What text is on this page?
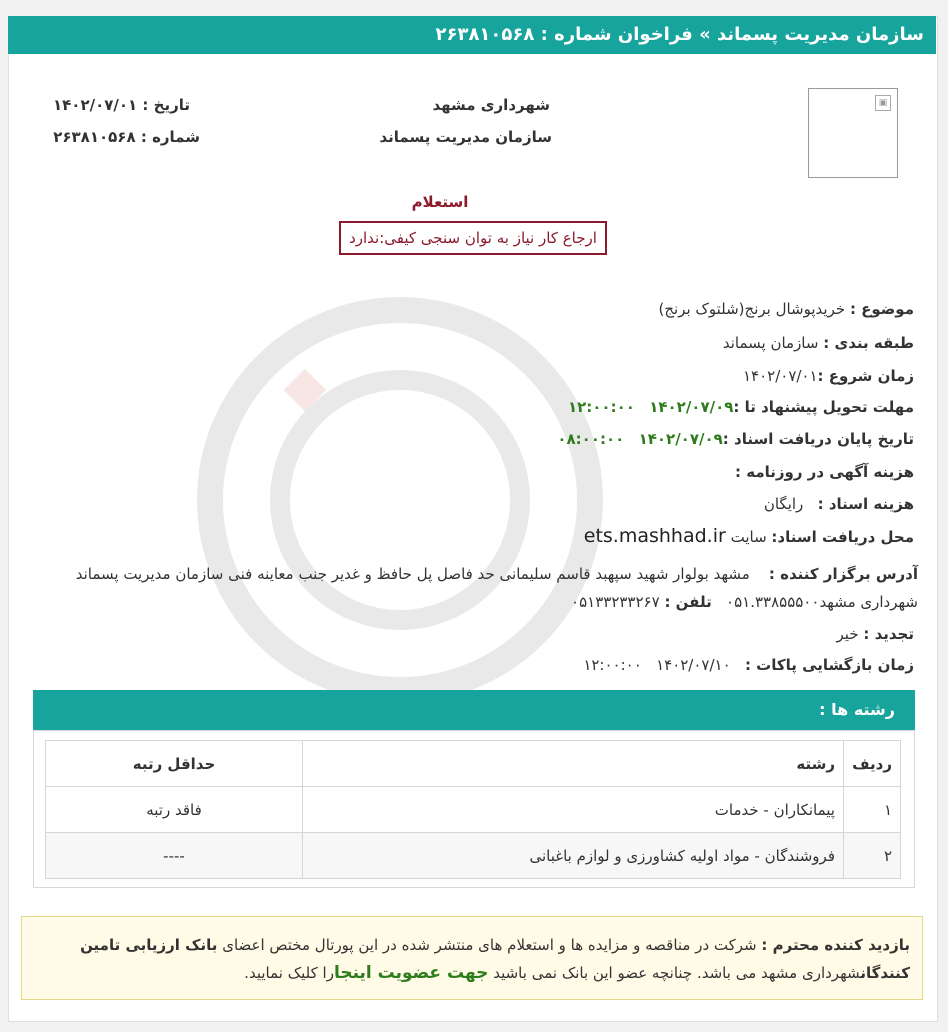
سازمان مدیریت پسماند » فراخوان شماره : ۲۶۳۸۱۰۵۶۸
▣
شهرداری مشهد
سازمان مدیریت پسماند
تاریخ : ۱۴۰۲/۰۷/۰۱
شماره : ۲۶۳۸۱۰۵۶۸
استعلام
ارجاع کار نیاز به توان سنجی کیفی:ندارد
موضوع : خریدپوشال برنج(شلتوک برنج)
طبقه بندی : سازمان پسماند
زمان شروع :۱۴۰۲/۰۷/۰۱
مهلت تحویل پیشنهاد تا :۱۴۰۲/۰۷/۰۹   ۱۲:۰۰:۰۰
تاریخ پایان دریافت اسناد :۱۴۰۲/۰۷/۰۹   ۰۸:۰۰:۰۰
هزینه آگهی در روزنامه :
هزینه اسناد :   رایگان
محل دریافت اسناد: سایت ets.mashhad.ir
آدرس برگزار کننده :    مشهد بولوار شهید سپهبد قاسم سلیمانی حد فاصل پل حافظ و غدیر جنب معاینه فنی سازمان مدیریت پسماند شهرداری مشهد۰۵۱.۳۳۸۵۵۵۰۰   تلفن : ۰۵۱۳۳۲۳۳۲۶۷
تجدید : خیر
زمان بازگشایی پاکات :   ۱۴۰۲/۰۷/۱۰   ۱۲:۰۰:۰۰
رشته ها :
ردیف	رشته	حداقل رتبه
۱	پیمانکاران - خدمات	فاقد رتبه
۲	فروشندگان - مواد اولیه کشاورزی و لوازم باغبانی	----
بازدید کننده محترم : شرکت در مناقصه و مزایده ها و استعلام های منتشر شده در این پورتال مختص اعضای بانک ارزیابی تامین کنندگانشهرداری مشهد می باشد. چنانچه عضو این بانک نمی باشید جهت عضویت اینجارا کلیک نمایید.
